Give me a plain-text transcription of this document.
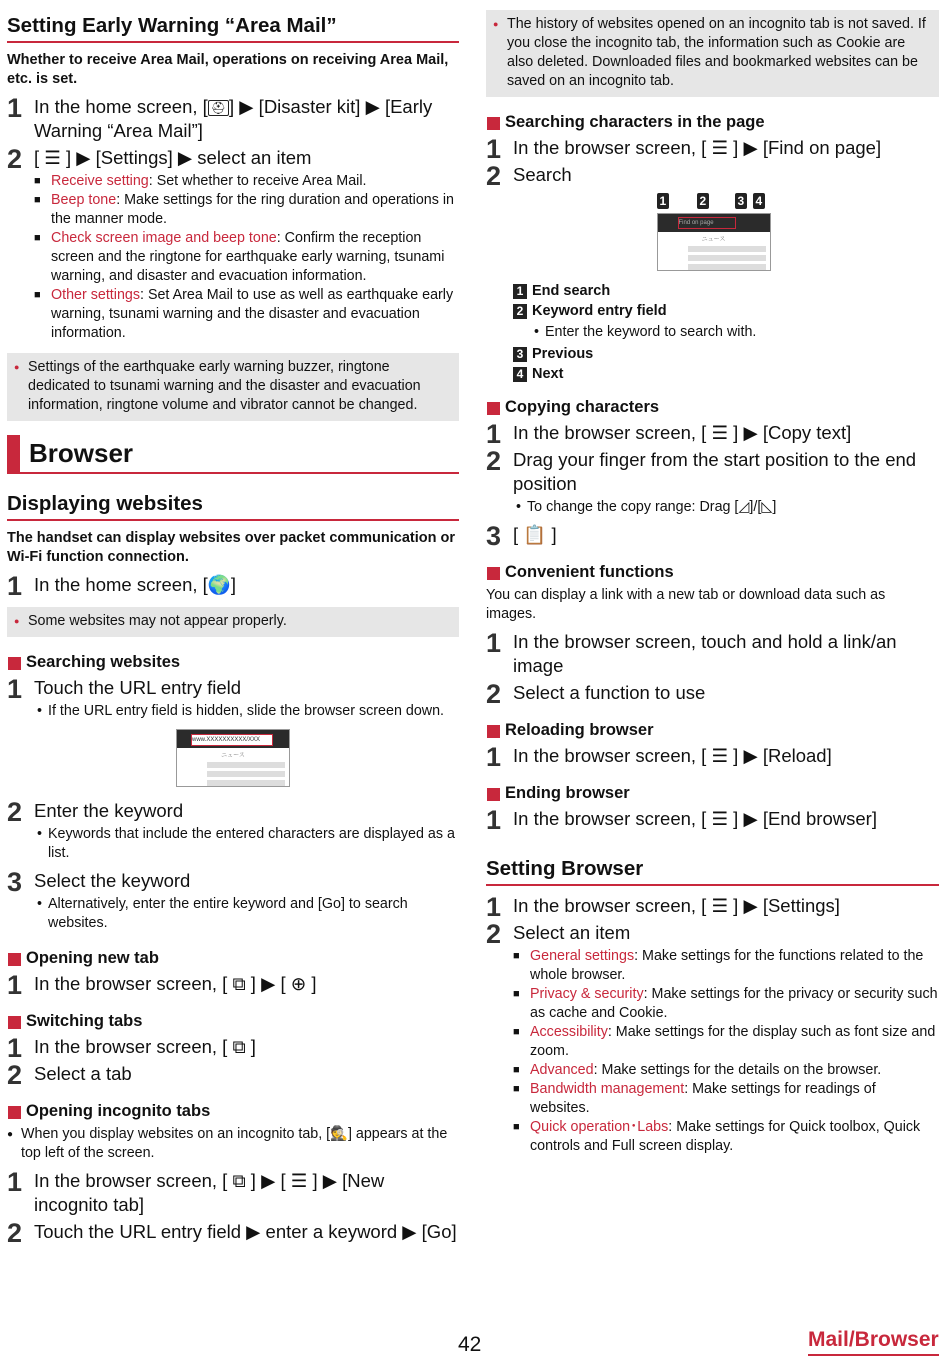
Setting Early Warning “Area Mail”
Whether to receive Area Mail, operations on receiving Area Mail, etc. is set.
1 In the home screen, [ ⛑ ] ▶ [Disaster kit] ▶ [Early Warning “Area Mail”]
2 [ ☰ ] ▶ [Settings] ▶ select an item
■ Receive setting: Set whether to receive Area Mail.
■ Beep tone: Make settings for the ring duration and operations in the manner mode.
■ Check screen image and beep tone: Confirm the reception screen and the ringtone for earthquake early warning, tsunami warning, and disaster and evacuation information.
■ Other settings: Set Area Mail to use as well as earthquake early warning, tsunami warning and the disaster and evacuation information.
● Settings of the earthquake early warning buzzer, ringtone dedicated to tsunami warning and the disaster and evacuation information, ringtone volume and vibrator cannot be changed.
Browser
Displaying websites
The handset can display websites over packet communication or Wi-Fi function connection.
1 In the home screen, [🌍]
● Some websites may not appear properly.
Searching websites
1 Touch the URL entry field
• If the URL entry field is hidden, slide the browser screen down.
www.XXXXXXXXXX/XXX
ニュース
2 Enter the keyword
• Keywords that include the entered characters are displayed as a list.
3 Select the keyword
• Alternatively, enter the entire keyword and [Go] to search websites.
Opening new tab
1 In the browser screen, [ ⧉ ] ▶ [ ⊕ ]
Switching tabs
1 In the browser screen, [ ⧉ ]
2 Select a tab
Opening incognito tabs
● When you display websites on an incognito tab, [🕵] appears at the top left of the screen.
1 In the browser screen, [ ⧉ ] ▶ [ ☰ ] ▶ [New incognito tab]
2 Touch the URL entry field ▶ enter a keyword ▶ [Go]
● The history of websites opened on an incognito tab is not saved. If you close the incognito tab, the information such as Cookie are also deleted. Downloaded files and bookmarked websites can be saved on an incognito tab.
Searching characters in the page
1 In the browser screen, [ ☰ ] ▶ [Find on page]
2 Search
1	2	3 4
Find on page
ニュース
1 End search
2 Keyword entry field
• Enter the keyword to search with.
3 Previous
4 Next
Copying characters
1 In the browser screen, [ ☰ ] ▶ [Copy text]
2 Drag your finger from the start position to the end position
• To change the copy range: Drag [◿]/[◺]
3 [ 📋 ]
Convenient functions
You can display a link with a new tab or download data such as images.
1 In the browser screen, touch and hold a link/an image
2 Select a function to use
Reloading browser
1 In the browser screen, [ ☰ ] ▶ [Reload]
Ending browser
1 In the browser screen, [ ☰ ] ▶ [End browser]
Setting Browser
1 In the browser screen, [ ☰ ] ▶ [Settings]
2 Select an item
■ General settings: Make settings for the functions related to the whole browser.
■ Privacy & security: Make settings for the privacy or security such as cache and Cookie.
■ Accessibility: Make settings for the display such as font size and zoom.
■ Advanced: Make settings for the details on the browser.
■ Bandwidth management: Make settings for readings of websites.
■ Quick operation･Labs: Make settings for Quick toolbox, Quick controls and Full screen display.
42	Mail/Browser
